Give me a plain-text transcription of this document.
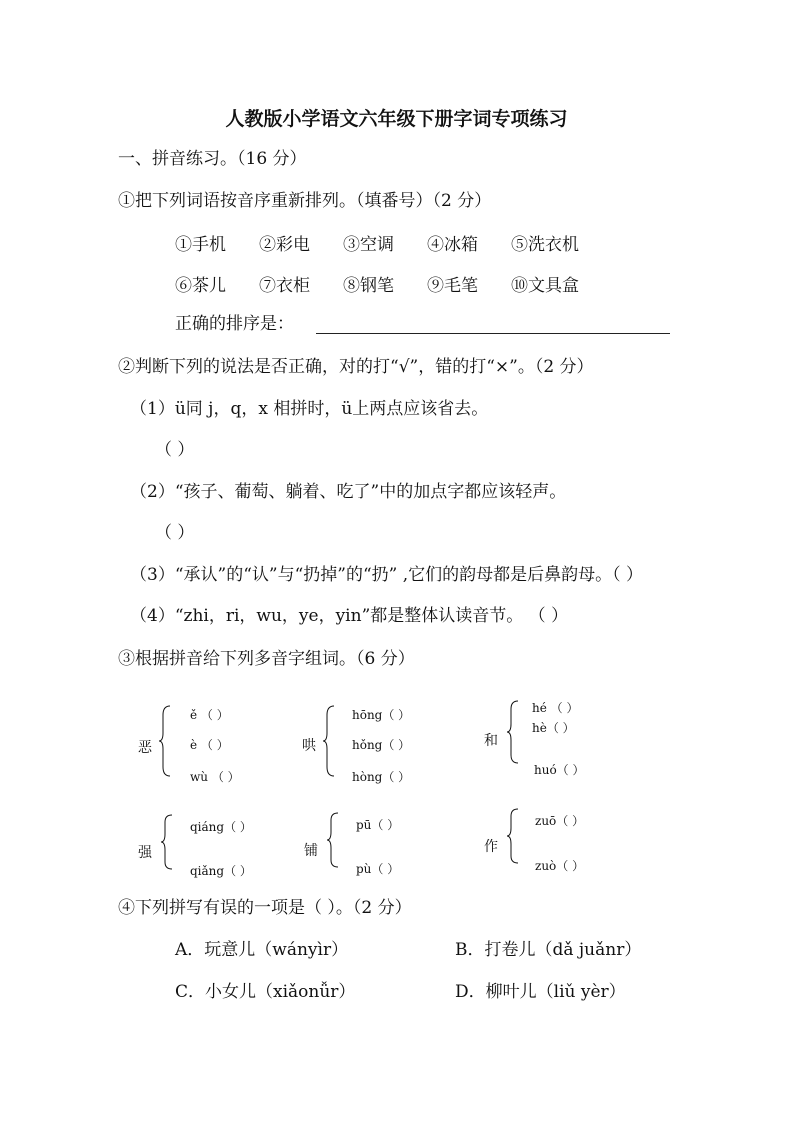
人教版小学语文六年级下册字词专项练习
一、拼音练习。（16 分）
①把下列词语按音序重新排列。（填番号）（2 分）
①手机 ②彩电 ③空调 ④冰箱 ⑤洗衣机
⑥茶儿 ⑦衣柜 ⑧钢笔 ⑨毛笔 ⑩文具盒
正确的排序是：
②判断下列的说法是否正确，对的打“√”，错的打“×”。（2 分）
（1）ü同 j，q，x 相拼时，ü上两点应该省去。
（ ）
（2）“孩子、葡萄、躺着、吃了”中的加点字都应该轻声。
（ ）
（3）“承认”的“认”与“扔掉”的“扔” ,它们的韵母都是后鼻韵母。（ ）
（4）“zhi，ri，wu，ye，yin”都是整体认读音节。 （ ）
③根据拼音给下列多音字组词。（6 分）
恶
ě （ ）
è （ ）
wù （ ）
哄
hōng（ ）
hǒng（ ）
hòng（ ）
和
hé （ ）
hè（ ）
huó（ ）
强
qiáng（ ）
qiǎng（ ）
铺
pū（ ）
pù（ ）
作
zuō（ ）
zuò（ ）
④下列拼写有误的一项是（ ）。（2 分）
A．玩意儿（wányìr）	B．打卷儿（dǎ juǎnr）
C．小女儿（xiǎonǚr）	D．柳叶儿（liǔ yèr）
